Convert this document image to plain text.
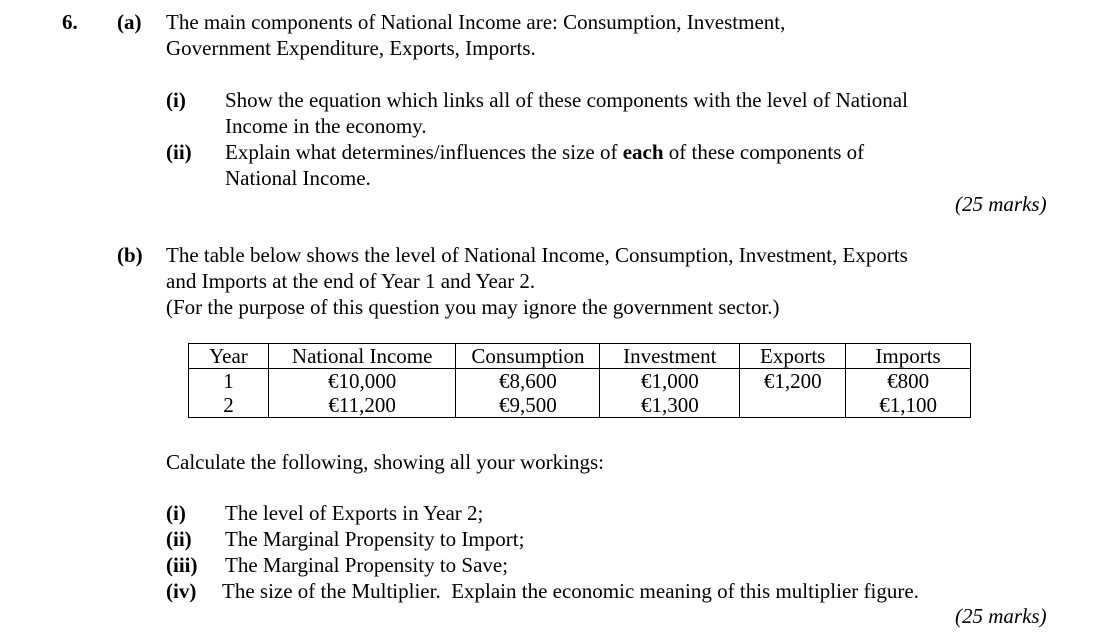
6. (a) The main components of National Income are: Consumption, Investment,
Government Expenditure, Exports, Imports.
(i) Show the equation which links all of these components with the level of National
Income in the economy.
(ii) Explain what determines/influences the size of each of these components of
National Income.
(25 marks)
(b) The table below shows the level of National Income, Consumption, Investment, Exports
and Imports at the end of Year 1 and Year 2.
(For the purpose of this question you may ignore the government sector.)
Year	National Income	Consumption	Investment	Exports	Imports
1	€10,000	€8,600	€1,000	€1,200	€800
2	€11,200	€9,500	€1,300		€1,100
Calculate the following, showing all your workings:
(i) The level of Exports in Year 2;
(ii) The Marginal Propensity to Import;
(iii) The Marginal Propensity to Save;
(iv) The size of the Multiplier.  Explain the economic meaning of this multiplier figure.
(25 marks)
